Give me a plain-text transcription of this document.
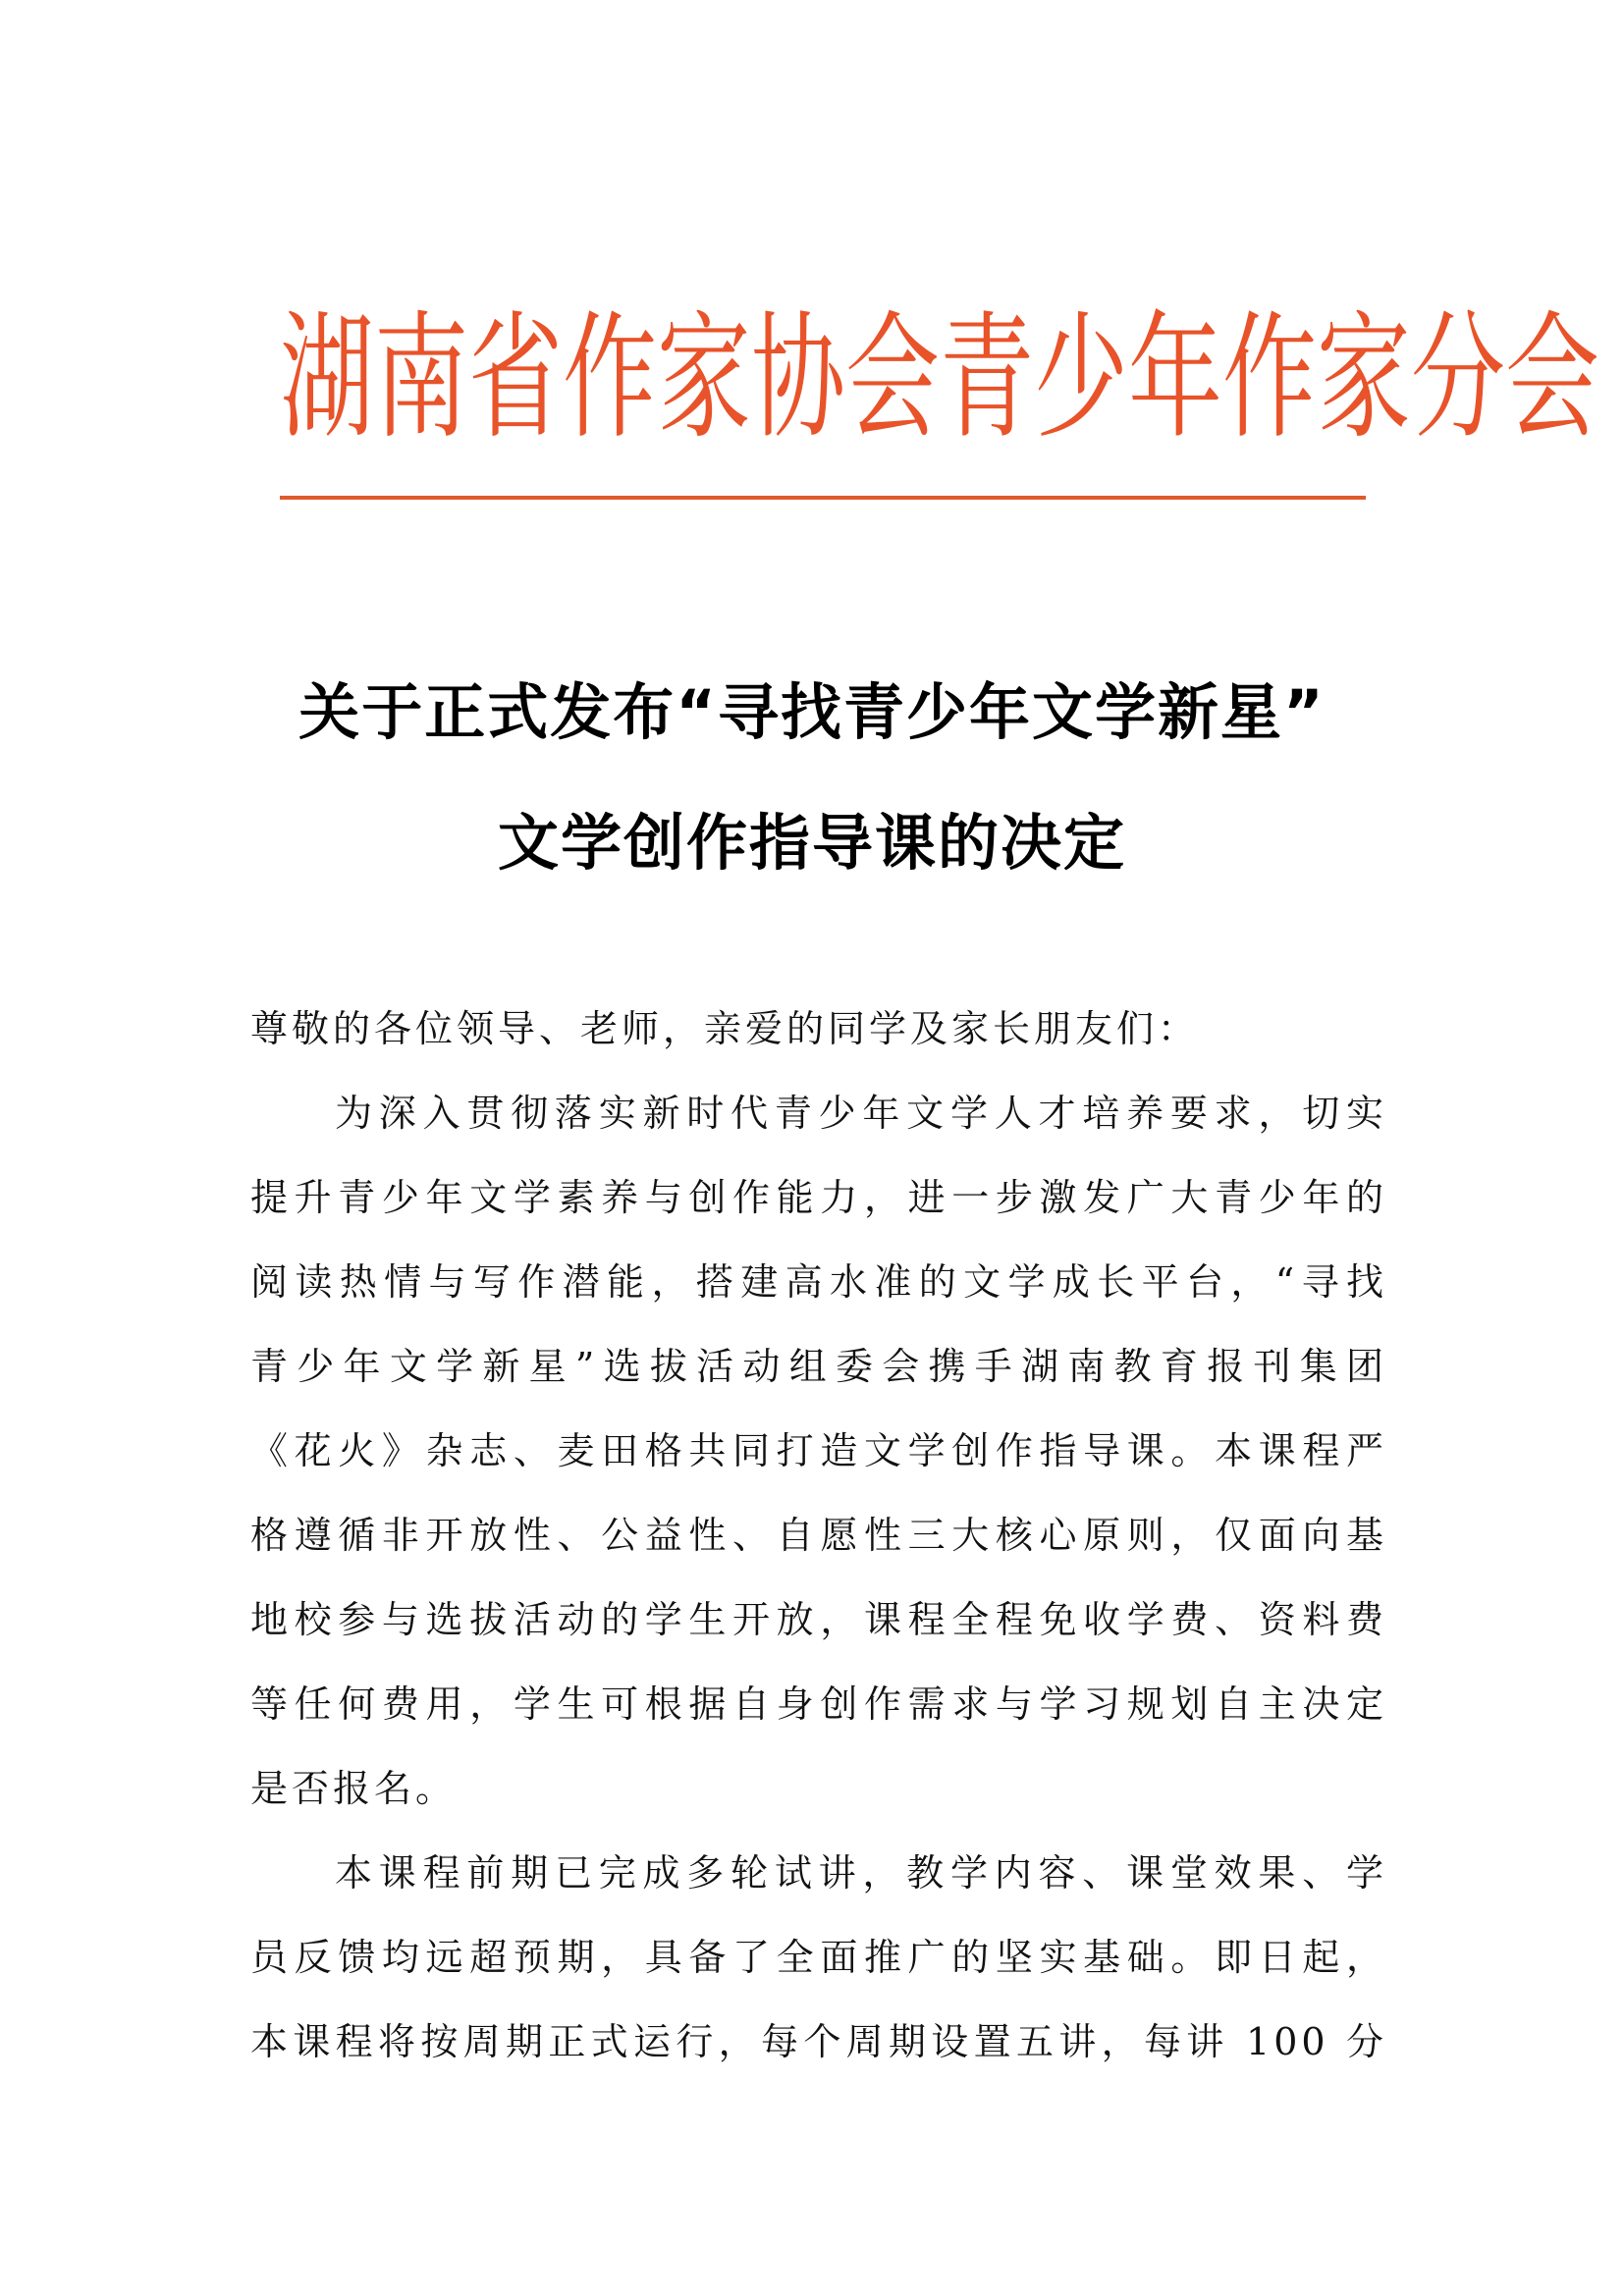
湖 南 省 作 家 协 会 青 少 年 作 家 分 会
关于正式发布“寻找青少年文学新星”
文学创作指导课的决定
尊敬的各位领导、老师，亲爱的同学及家长朋友们：
为深入贯彻落实新时代青少年文学人才培养要求，切实
提升青少年文学素养与创作能力，进一步激发广大青少年的
阅读热情与写作潜能，搭建高水准的文学成长平台，“寻找
青少年文学新星”选拔活动组委会携手湖南教育报刊集团
《花火》杂志、麦田格共同打造文学创作指导课。本课程严
格遵循非开放性、公益性、自愿性三大核心原则，仅面向基
地校参与选拔活动的学生开放，课程全程免收学费、资料费
等任何费用，学生可根据自身创作需求与学习规划自主决定
是否报名。
本课程前期已完成多轮试讲，教学内容、课堂效果、学
员反馈均远超预期，具备了全面推广的坚实基础。即日起，
本课程将按周期正式运行，每个周期设置五讲，每讲 100 分
